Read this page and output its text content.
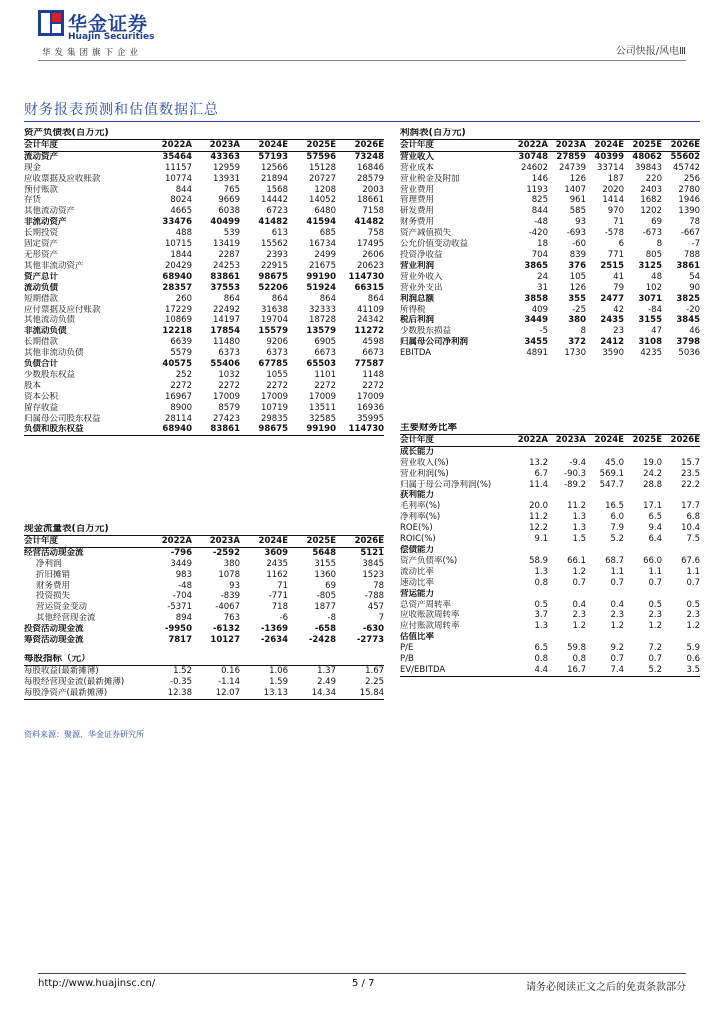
华金证券
Huajin Securities
华发集团旗下企业	公司快报/风电Ⅲ
财务报表预测和估值数据汇总
资产负债表(百万元)					
会计年度	2022A	2023A	2024E	2025E	2026E
流动资产	35464	43363	57193	57596	73248
现金	11157	12959	12566	15128	16846
应收票据及应收账款	10774	13931	21894	20727	28579
预付账款	844	765	1568	1208	2003
存货	8024	9669	14442	14052	18661
其他流动资产	4665	6038	6723	6480	7158
非流动资产	33476	40499	41482	41594	41482
长期投资	488	539	613	685	758
固定资产	10715	13419	15562	16734	17495
无形资产	1844	2287	2393	2499	2606
其他非流动资产	20429	24253	22915	21675	20623
资产总计	68940	83861	98675	99190	114730
流动负债	28357	37553	52206	51924	66315
短期借款	260	864	864	864	864
应付票据及应付账款	17229	22492	31638	32333	41109
其他流动负债	10869	14197	19704	18728	24342
非流动负债	12218	17854	15579	13579	11272
长期借款	6639	11480	9206	6905	4598
其他非流动负债	5579	6373	6373	6673	6673
负债合计	40575	55406	67785	65503	77587
少数股东权益	252	1032	1055	1101	1148
股本	2272	2272	2272	2272	2272
资本公积	16967	17009	17009	17009	17009
留存收益	8900	8579	10719	13511	16936
归属母公司股东权益	28114	27423	29835	32585	35995
负债和股东权益	68940	83861	98675	99190	114730
现金流量表(百万元)					
会计年度	2022A	2023A	2024E	2025E	2026E
经营活动现金流	-796	-2592	3609	5648	5121
净利润	3449	380	2435	3155	3845
折旧摊销	983	1078	1162	1360	1523
财务费用	-48	93	71	69	78
投资损失	-704	-839	-771	-805	-788
营运资金变动	-5371	-4067	718	1877	457
其他经营现金流	894	763	-6	-8	7
投资活动现金流	-9950	-6132	-1369	-658	-630
筹资活动现金流	7817	10127	-2634	-2428	-2773

每股指标（元）					
每股收益(最新摊薄)	1.52	0.16	1.06	1.37	1.67
每股经营现金流(最新摊薄)	-0.35	-1.14	1.59	2.49	2.25
每股净资产(最新摊薄)	12.38	12.07	13.13	14.34	15.84
利润表(百万元)					
会计年度	2022A	2023A	2024E	2025E	2026E
营业收入	30748	27859	40399	48062	55602
营业成本	24602	24739	33714	39843	45742
营业税金及附加	146	126	187	220	256
营业费用	1193	1407	2020	2403	2780
管理费用	825	961	1414	1682	1946
研发费用	844	585	970	1202	1390
财务费用	-48	93	71	69	78
资产减值损失	-420	-693	-578	-673	-667
公允价值变动收益	18	-60	6	8	-7
投资净收益	704	839	771	805	788
营业利润	3865	376	2515	3125	3861
营业外收入	24	105	41	48	54
营业外支出	31	126	79	102	90
利润总额	3858	355	2477	3071	3825
所得税	409	-25	42	-84	-20
税后利润	3449	380	2435	3155	3845
少数股东损益	-5	8	23	47	46
归属母公司净利润	3455	372	2412	3108	3798
EBITDA	4891	1730	3590	4235	5036
主要财务比率					
会计年度	2022A	2023A	2024E	2025E	2026E
成长能力					
营业收入(%)	13.2	-9.4	45.0	19.0	15.7
营业利润(%)	6.7	-90.3	569.1	24.2	23.5
归属于母公司净利润(%)	11.4	-89.2	547.7	28.8	22.2
获利能力					
毛利率(%)	20.0	11.2	16.5	17.1	17.7
净利率(%)	11.2	1.3	6.0	6.5	6.8
ROE(%)	12.2	1.3	7.9	9.4	10.4
ROIC(%)	9.1	1.5	5.2	6.4	7.5
偿债能力					
资产负债率(%)	58.9	66.1	68.7	66.0	67.6
流动比率	1.3	1.2	1.1	1.1	1.1
速动比率	0.8	0.7	0.7	0.7	0.7
营运能力					
总资产周转率	0.5	0.4	0.4	0.5	0.5
应收账款周转率	3.7	2.3	2.3	2.3	2.3
应付账款周转率	1.3	1.2	1.2	1.2	1.2
估值比率					
P/E	6.5	59.8	9.2	7.2	5.9
P/B	0.8	0.8	0.7	0.7	0.6
EV/EBITDA	4.4	16.7	7.4	5.2	3.5
资料来源：聚源、华金证券研究所
http://www.huajinsc.cn/	5 / 7	请务必阅读正文之后的免责条款部分
